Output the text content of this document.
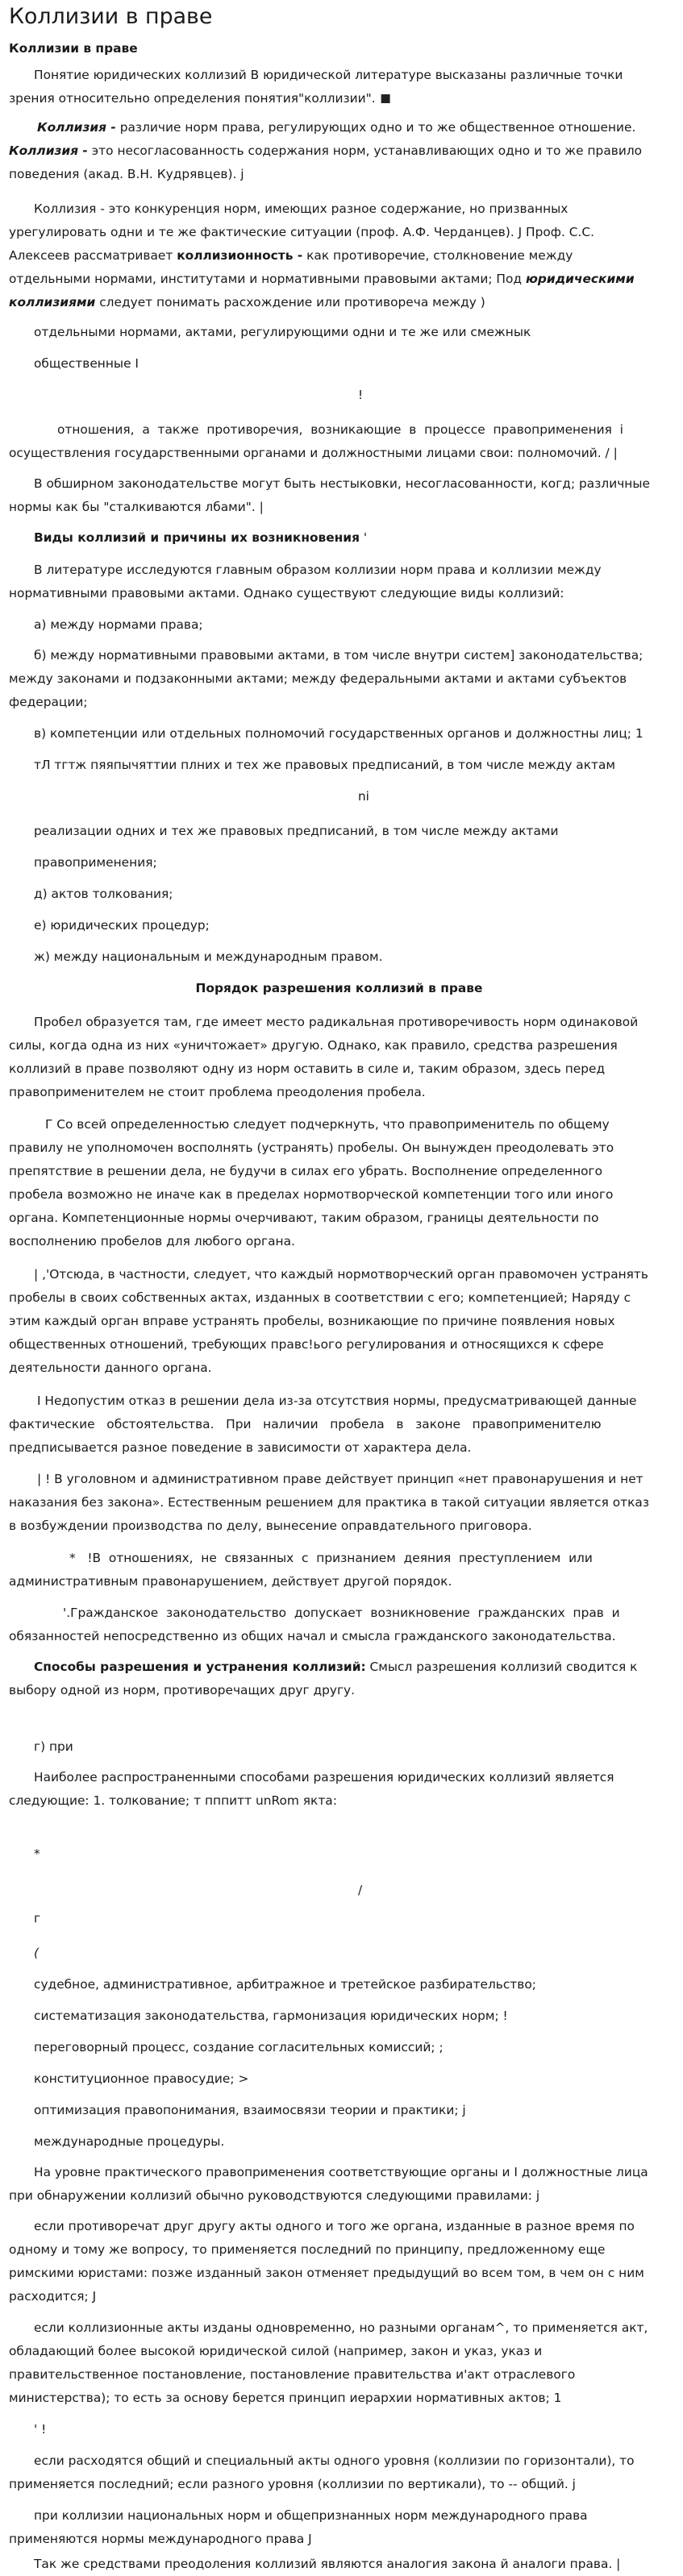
Коллизии в праве
Коллизии в праве
Понятие юридических коллизий В юридической литературе высказаны различные точки
зрения относительно определения понятия"коллизии".
Коллизия - различие норм права, регулирующих одно и то же общественное отношение.
Коллизия - это несогласованность содержания норм, устанавливающих одно и то же правило
поведения (акад. В.Н. Кудрявцев). j
Коллизия - это конкуренция норм, имеющих разное содержание, но призванных
урегулировать одни и те же фактические ситуации (проф. А.Ф. Черданцев). J Проф. С.С.
Алексеев рассматривает коллизионность - как противоречие, столкновение между
отдельными нормами, институтами и нормативными правовыми актами; Под юридическими
коллизиями следует понимать расхождение или противореча между )
отдельными нормами, актами, регулирующими одни и те же или смежнык
общественные I
!
отношения,  а  также  противоречия,  возникающие  в  процессе  правоприменения  i
осуществления государственными органами и должностными лицами свои: полномочий. / |
В обширном законодательстве могут быть нестыковки, несогласованности, когд; различные
нормы как бы "сталкиваются лбами". |
Виды коллизий и причины их возникновения '
В литературе исследуются главным образом коллизии норм права и коллизии между
нормативными правовыми актами. Однако существуют следующие виды коллизий:
а) между нормами права;
б) между нормативными правовыми актами, в том числе внутри систем] законодательства;
между законами и подзаконными актами; между федеральными актами и актами субъектов
федерации;
в) компетенции или отдельных полномочий государственных органов и должностны лиц; 1
тЛ тгтж пяяпычяттии плних и тех же правовых предписаний, в том числе между актам
ni
реализации одних и тех же правовых предписаний, в том числе между актами
правоприменения;
д) актов толкования;
е) юридических процедур;
ж) между национальным и международным правом.
Порядок разрешения коллизий в праве
Пробел образуется там, где имеет место радикальная противоречивость норм одинаковой
силы, когда одна из них «уничтожает» другую. Однако, как правило, средства разрешения
коллизий в праве позволяют одну из норм оставить в силе и, таким образом, здесь перед
правоприменителем не стоит проблема преодоления пробела.
Г Со всей определенностью следует подчеркнуть, что правоприменитель по общему
правилу не уполномочен восполнять (устранять) пробелы. Он вынужден преодолевать это
препятствие в решении дела, не будучи в силах его убрать. Восполнение определенного
пробела возможно не иначе как в пределах нормотворческой компетенции того или иного
органа. Компетенционные нормы очерчивают, таким образом, границы деятельности по
восполнению пробелов для любого органа.
| ,'Отсюда, в частности, следует, что каждый нормотворческий орган правомочен устранять
пробелы в своих собственных актах, изданных в соответствии с его; компетенцией; Наряду с
этим каждый орган вправе устранять пробелы, возникающие по причине появления новых
общественных отношений, требующих правс!ього регулирования и относящихся к сфере
деятельности данного органа.
I Недопустим отказ в решении дела из-за отсутствия нормы, предусматривающей данные
фактические   обстоятельства.   При   наличии   пробела   в   законе   правоприменителю
предписывается разное поведение в зависимости от характера дела.
| ! В уголовном и административном праве действует принцип «нет правонарушения и нет
наказания без закона». Естественным решением для практика в такой ситуации является отказ
в возбуждении производства по делу, вынесение оправдательного приговора.
*   !В  отношениях,  не  связанных  с  признанием  деяния  преступлением  или
административным правонарушением, действует другой порядок.
'.Гражданское  законодательство  допускает  возникновение  гражданских  прав  и
обязанностей непосредственно из общих начал и смысла гражданского законодательства.
Способы разрешения и устранения коллизий: Смысл разрешения коллизий сводится к
выбору одной из норм, противоречащих друг другу.
г) при
Наиболее распространенными способами разрешения юридических коллизий является
следующие: 1. толкование; т пппитт unRom якта:
*
/
г
(
судебное, административное, арбитражное и третейское разбирательство;
систематизация законодательства, гармонизация юридических норм; !
переговорный процесс, создание согласительных комиссий; ;
конституционное правосудие; >
оптимизация правопонимания, взаимосвязи теории и практики; j
международные процедуры.
На уровне практического правоприменения соответствующие органы и I должностные лица
при обнаружении коллизий обычно руководствуются следующими правилами: j
если противоречат друг другу акты одного и того же органа, изданные в разное время по
одному и тому же вопросу, то применяется последний по принципу, предложенному еще
римскими юристами: позже изданный закон отменяет предыдущий во всем том, в чем он с ним
расходится; J
если коллизионные акты изданы одновременно, но разными органам^, то применяется акт,
обладающий более высокой юридической силой (например, закон и указ, указ и
правительственное постановление, постановление правительства и'акт отраслевого
министерства); то есть за основу берется принцип иерархии нормативных актов; 1
' !
если расходятся общий и специальный акты одного уровня (коллизии по горизонтали), то
применяется последний; если разного уровня (коллизии по вертикали), то -- общий. j
при коллизии национальных норм и общепризнанных норм международного права
применяются нормы международного права J
Так же средствами преодоления коллизий являются аналогия закона й аналоги права. |
